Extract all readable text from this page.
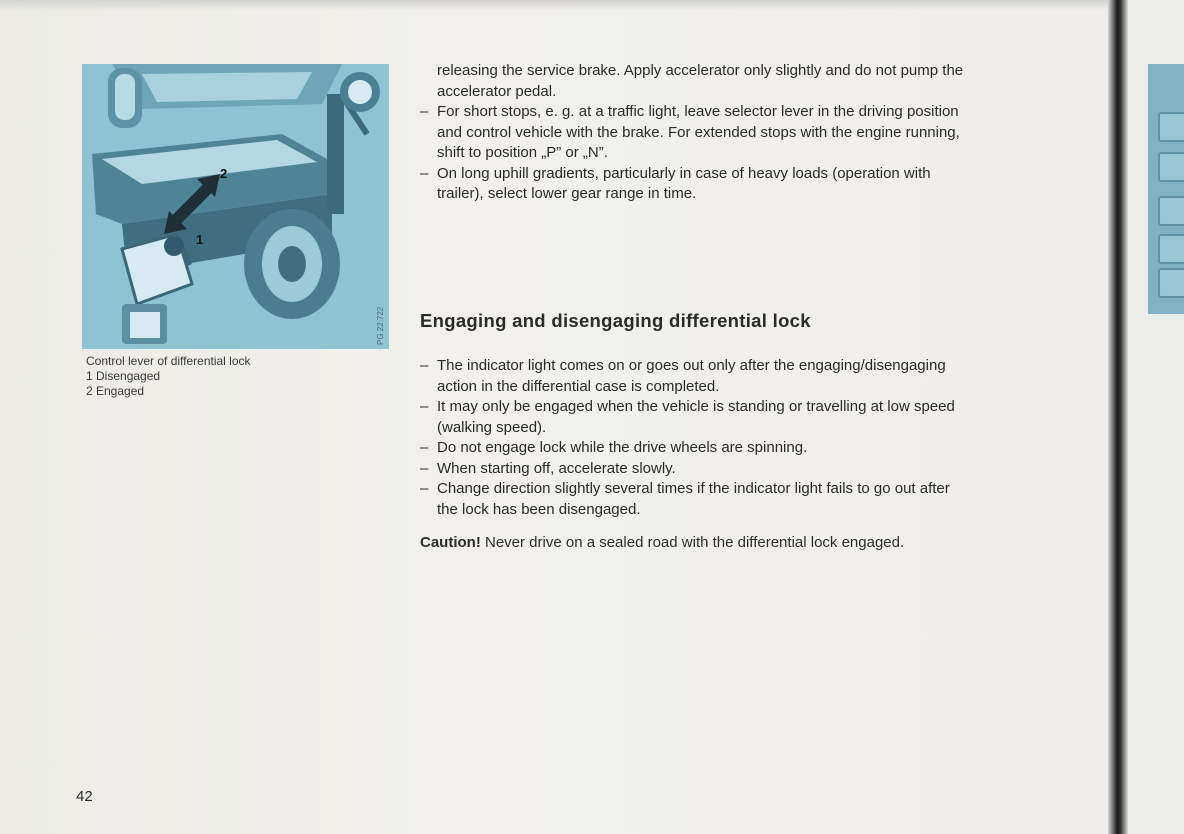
2
1
PG 22 722
Control lever of differential lock
1 Disengaged
2 Engaged
releasing the service brake. Apply accelerator only slightly and do not pump the
accelerator pedal.
– For short stops, e. g. at a traffic light, leave selector lever in the driving position
and control vehicle with the brake. For extended stops with the engine running,
shift to position „P” or „N”.
– On long uphill gradients, particularly in case of heavy loads (operation with
trailer), select lower gear range in time.
Engaging and disengaging differential lock
– The indicator light comes on or goes out only after the engaging/disengaging
action in the differential case is completed.
– It may only be engaged when the vehicle is standing or travelling at low speed
(walking speed).
– Do not engage lock while the drive wheels are spinning.
– When starting off, accelerate slowly.
– Change direction slightly several times if the indicator light fails to go out after
the lock has been disengaged.
Caution! Never drive on a sealed road with the differential lock engaged.
42
